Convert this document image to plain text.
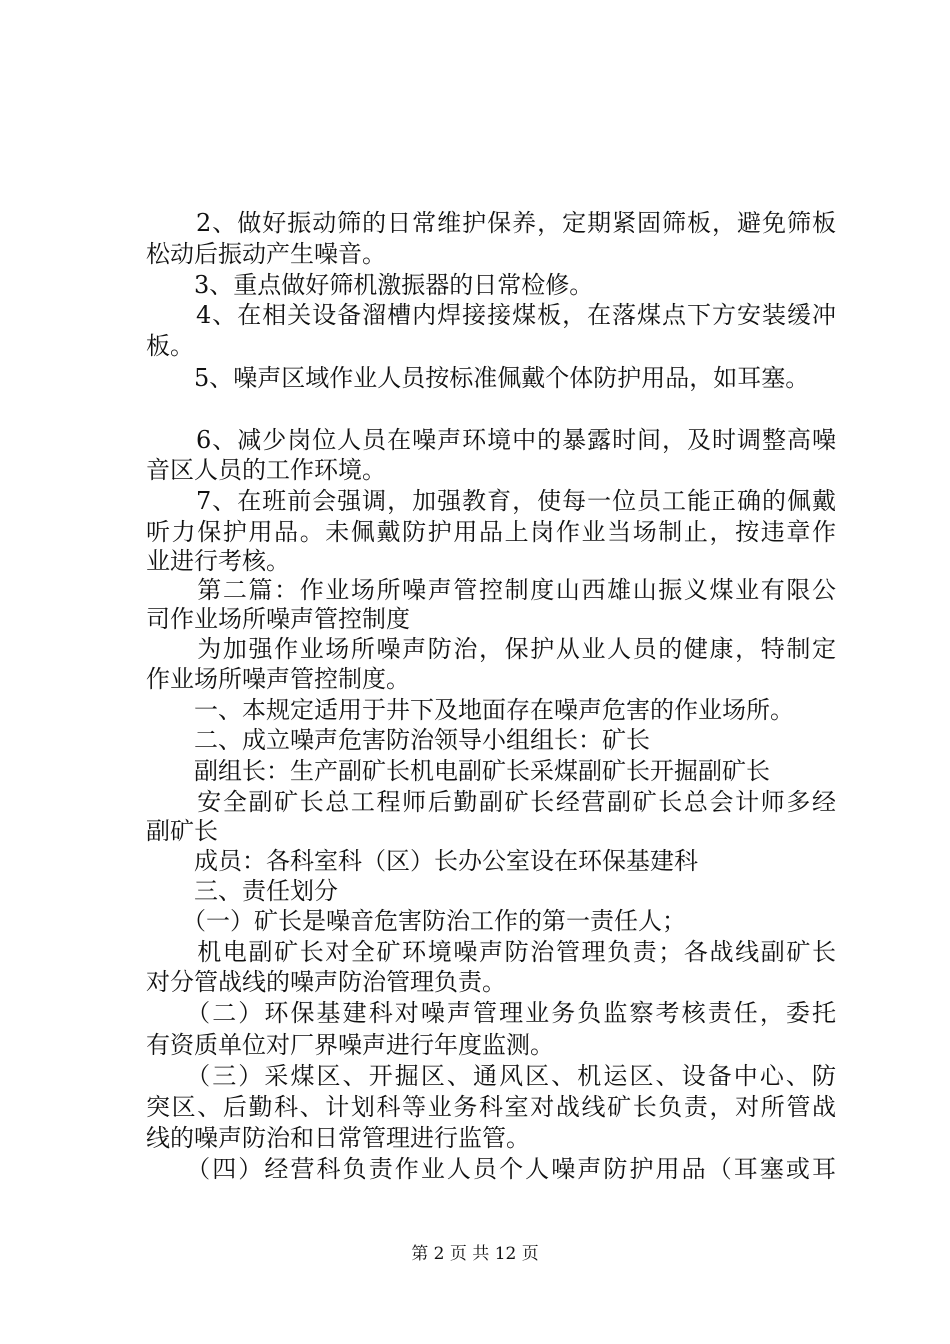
　　2、做好振动筛的日常维护保养，定期紧固筛板，避免筛板
松动后振动产生噪音。
　　3、重点做好筛机激振器的日常检修。
　　4、在相关设备溜槽内焊接接煤板，在落煤点下方安装缓冲
板。
　　5、噪声区域作业人员按标准佩戴个体防护用品，如耳塞。
　　6、减少岗位人员在噪声环境中的暴露时间，及时调整高噪
音区人员的工作环境。
　　7、在班前会强调，加强教育，使每一位员工能正确的佩戴
听力保护用品。未佩戴防护用品上岗作业当场制止，按违章作
业进行考核。
　　第二篇：作业场所噪声管控制度山西雄山振义煤业有限公
司作业场所噪声管控制度
　　为加强作业场所噪声防治，保护从业人员的健康，特制定
作业场所噪声管控制度。
　　一、本规定适用于井下及地面存在噪声危害的作业场所。
　　二、成立噪声危害防治领导小组组长：矿长
　　副组长：生产副矿长机电副矿长采煤副矿长开掘副矿长
　　安全副矿长总工程师后勤副矿长经营副矿长总会计师多经
副矿长
　　成员：各科室科（区）长办公室设在环保基建科
　　三、责任划分
　　（一）矿长是噪音危害防治工作的第一责任人；
　　机电副矿长对全矿环境噪声防治管理负责；各战线副矿长
对分管战线的噪声防治管理负责。
　　（二）环保基建科对噪声管理业务负监察考核责任，委托
有资质单位对厂界噪声进行年度监测。
　　（三）采煤区、开掘区、通风区、机运区、设备中心、防
突区、后勤科、计划科等业务科室对战线矿长负责，对所管战
线的噪声防治和日常管理进行监管。
　　（四）经营科负责作业人员个人噪声防护用品（耳塞或耳
第 2 页 共 12 页
